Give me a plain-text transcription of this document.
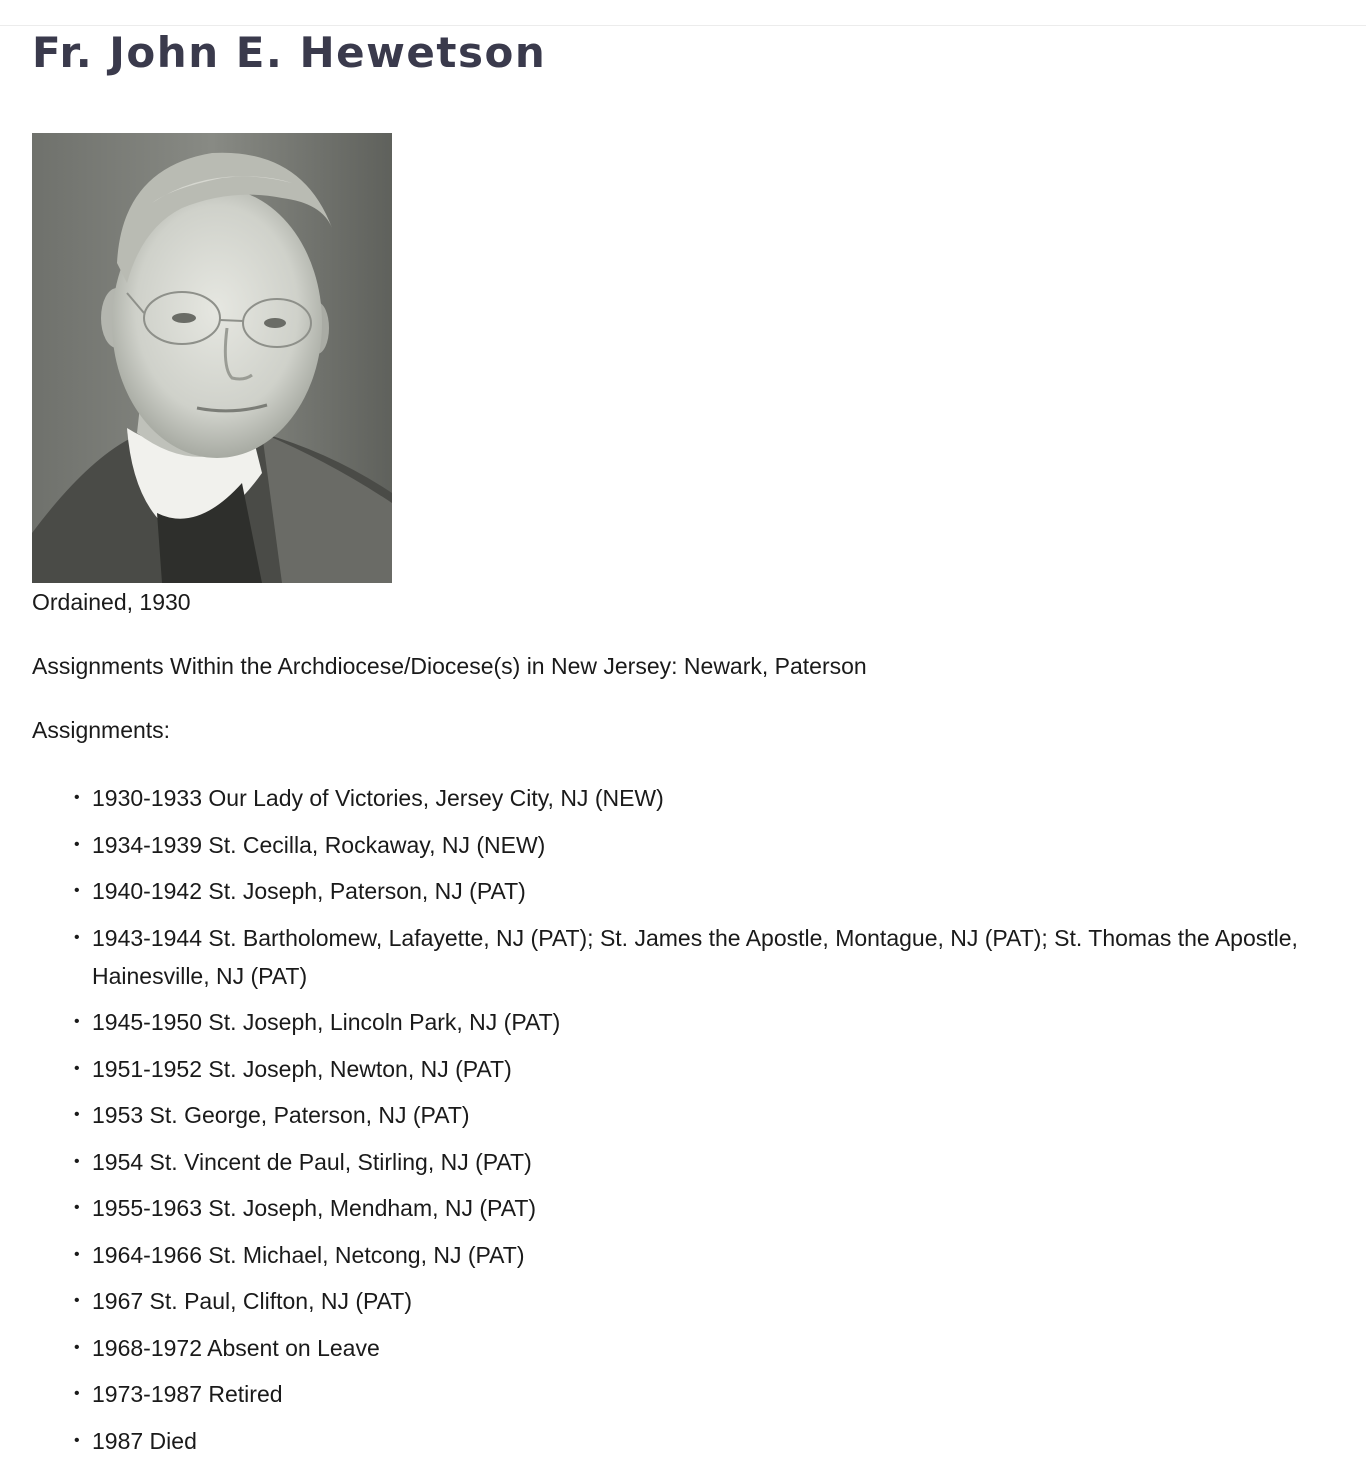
Fr. John E. Hewetson

Ordained, 1930

Assignments Within the Archdiocese/Diocese(s) in New Jersey: Newark, Paterson

Assignments:

• 1930-1933 Our Lady of Victories, Jersey City, NJ (NEW)
• 1934-1939 St. Cecilla, Rockaway, NJ (NEW)
• 1940-1942 St. Joseph, Paterson, NJ (PAT)
• 1943-1944 St. Bartholomew, Lafayette, NJ (PAT); St. James the Apostle, Montague, NJ (PAT); St. Thomas the Apostle, Hainesville, NJ (PAT)
• 1945-1950 St. Joseph, Lincoln Park, NJ (PAT)
• 1951-1952 St. Joseph, Newton, NJ (PAT)
• 1953 St. George, Paterson, NJ (PAT)
• 1954 St. Vincent de Paul, Stirling, NJ (PAT)
• 1955-1963 St. Joseph, Mendham, NJ (PAT)
• 1964-1966 St. Michael, Netcong, NJ (PAT)
• 1967 St. Paul, Clifton, NJ (PAT)
• 1968-1972 Absent on Leave
• 1973-1987 Retired
• 1987 Died
